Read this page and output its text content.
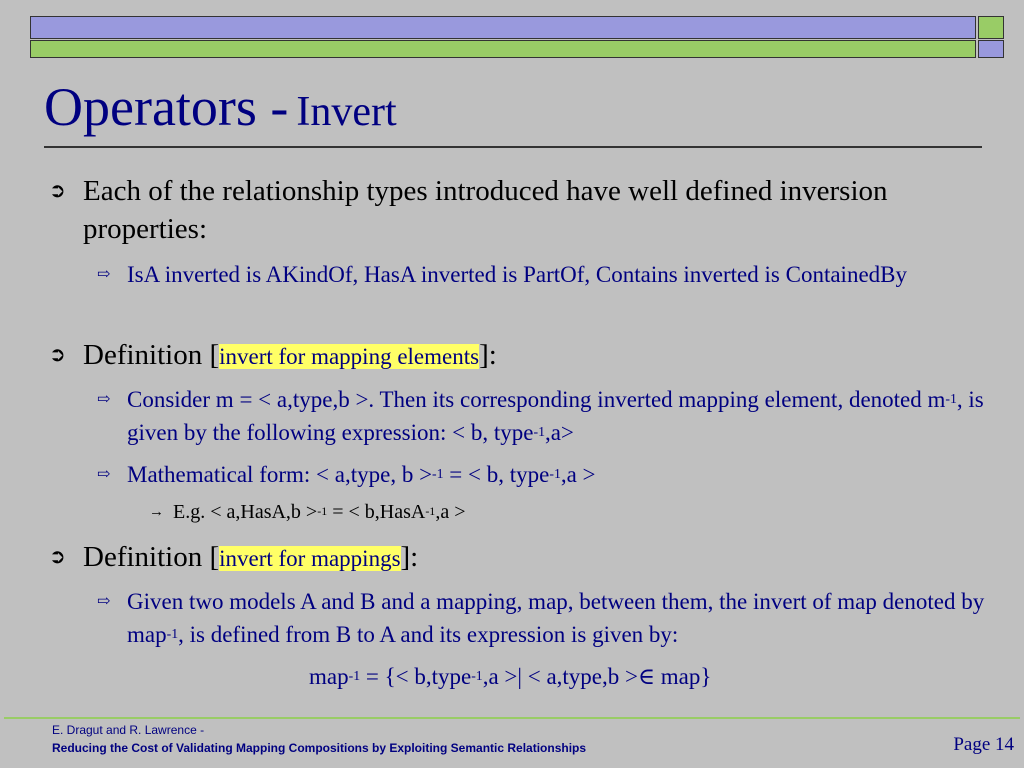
Operators - Invert
➲ Each of the relationship types introduced have well defined inversion properties:
⇨ IsA inverted is AKindOf, HasA inverted is PartOf, Contains inverted is ContainedBy
➲ Definition [invert for mapping elements]:
⇨ Consider m = < a,type,b >. Then its corresponding inverted mapping element, denoted $m^{-1}$, is given by the following expression: < b, type$^{-1}$,a>
⇨ Mathematical form: < a,type, b >$^{-1}$ = < b, type$^{-1}$,a >
→ E.g. < a,HasA,b >$^{-1}$ = < b,HasA$^{-1}$,a >
➲ Definition [invert for mappings]:
⇨ Given two models A and B and a mapping, map, between them, the invert of map denoted by map$^{-1}$, is defined from B to A and its expression is given by:
map$^{-1}$ = {< b,type$^{-1}$,a >| < a,type,b >∈ map}
E. Dragut and R. Lawrence -
Reducing the Cost of Validating Mapping Compositions by Exploiting Semantic Relationships	Page 14
